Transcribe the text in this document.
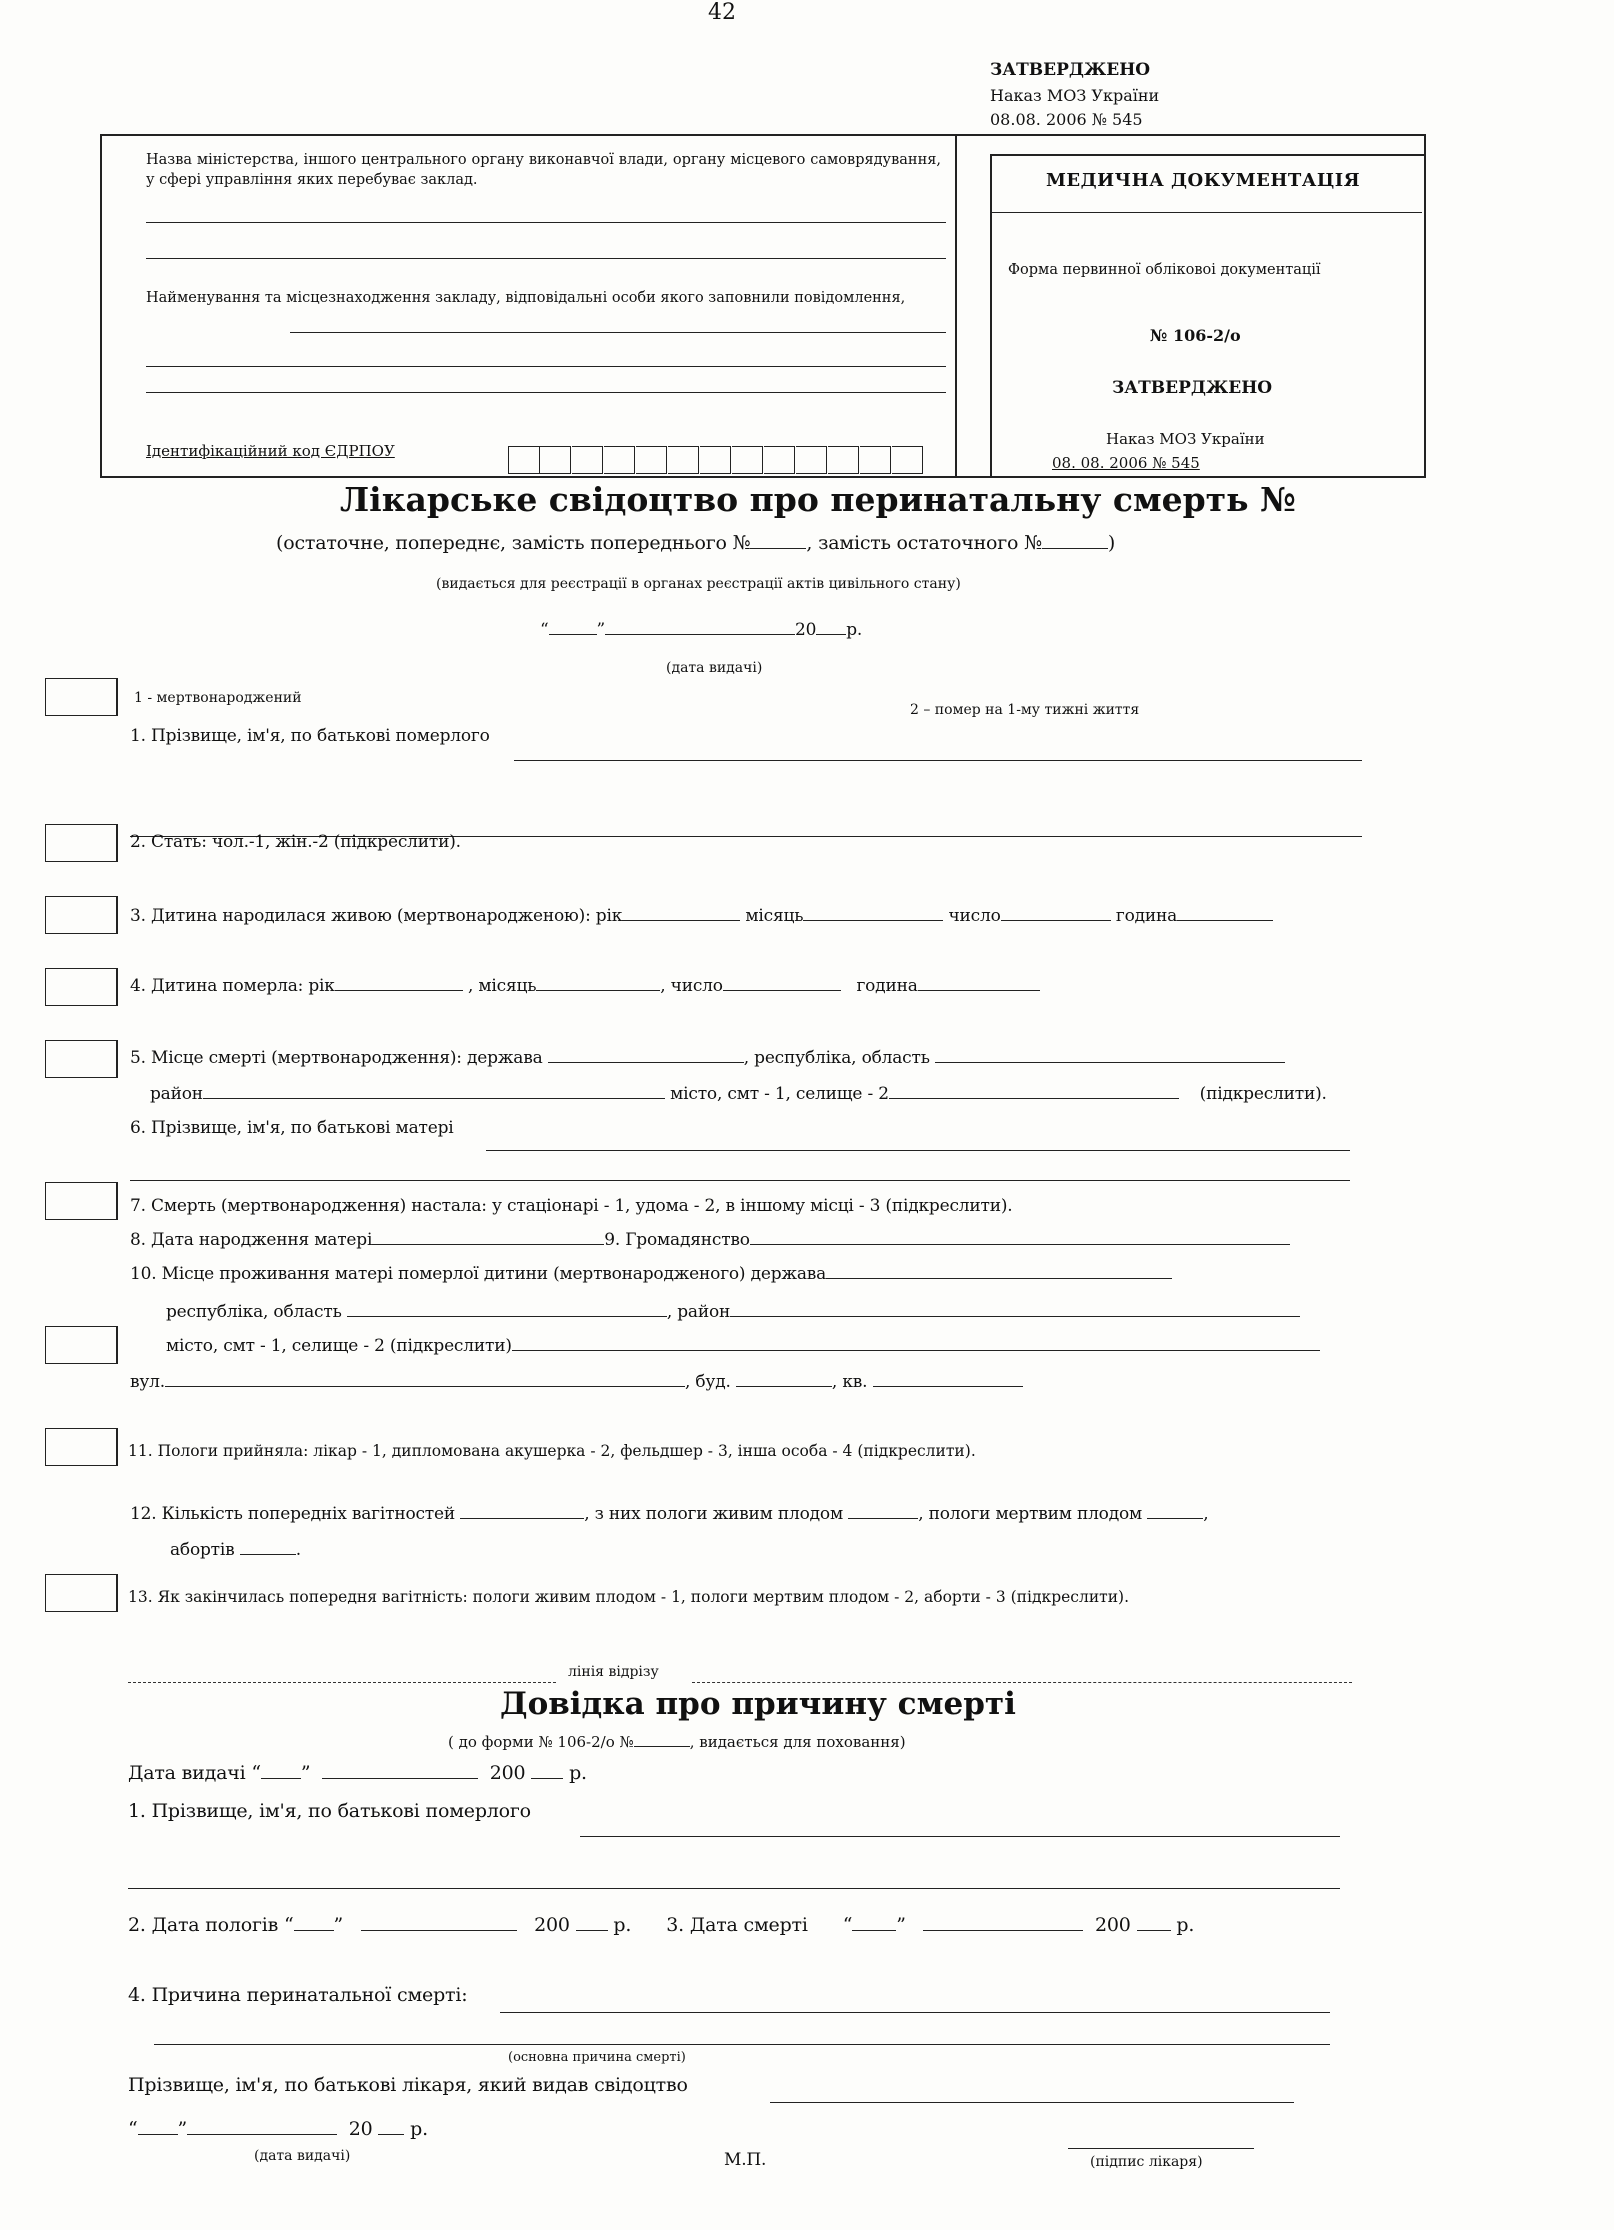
42
ЗАТВЕРДЖЕНО
Наказ МОЗ України
08.08. 2006 № 545
Назва міністерства, іншого центрального органу виконавчої влади, органу місцевого самоврядування, у сфері управління яких перебуває заклад.
Найменування та місцезнаходження закладу, відповідальні особи якого заповнили повідомлення,
Ідентифікаційний код ЄДРПОУ
МЕДИЧНА ДОКУМЕНТАЦІЯ
Форма первинної обліковоі документації
№ 106-2/о
ЗАТВЕРДЖЕНО
Наказ МОЗ України
08. 08. 2006 № 545
Лікарське свідоцтво про перинатальну смерть №
(остаточне, попереднє, замість попереднього №	, замість остаточного №	)
(видається для реєстрації в органах реєстрації актів цивільного стану)
“	”	20 р.
(дата видачі)
1 - мертвонароджений
2 – помер на 1-му тижні життя
1. Прізвище, ім'я, по батькові померлого
2. Стать: чол.-1, жін.-2 (підкреслити).
3. Дитина народилася живою (мертвонародженою): рік	місяць	число	година
4. Дитина померла: рік	, місяць	, число	година
5. Місце смерті (мертвонародження): держава	, республіка, область
район	місто, смт - 1, селище - 2	(підкреслити).
6. Прізвище, ім'я, по батькові матері
7. Смерть (мертвонародження) настала: у стаціонарі - 1, удома - 2, в іншому місці - 3 (підкреслити).
8. Дата народження матері	9. Громадянство
10. Місце проживання матері померлої дитини (мертвонародженого) держава
республіка, область	, район
місто, смт - 1, селище - 2 (підкреслити)
вул.	, буд.	, кв.
11. Пологи прийняла: лікар - 1, дипломована акушерка - 2, фельдшер - 3, інша особа - 4 (підкреслити).
12. Кількість попередніх вагітностей	, з них пологи живим плодом	, пологи мертвим плодом	,
абортів	.
13. Як закінчилась попередня вагітність: пологи живим плодом - 1, пологи мертвим плодом - 2, аборти - 3 (підкреслити).
лінія відрізу
Довідка про причину смерті
( до форми № 106-2/о №	, видається для поховання)
Дата видачі “ ”	200 р.
1. Прізвище, ім'я, по батькові померлого
2. Дата пологів “ ”	200  р.      3. Дата смерті      “ ”	200  р.
4. Причина перинатальної смерті:
(основна причина смерті)
Прізвище, ім'я, по батькові лікаря, який видав свідоцтво
“ ”	20  р.
(дата видачі)	М.П.	(підпис лікаря)
